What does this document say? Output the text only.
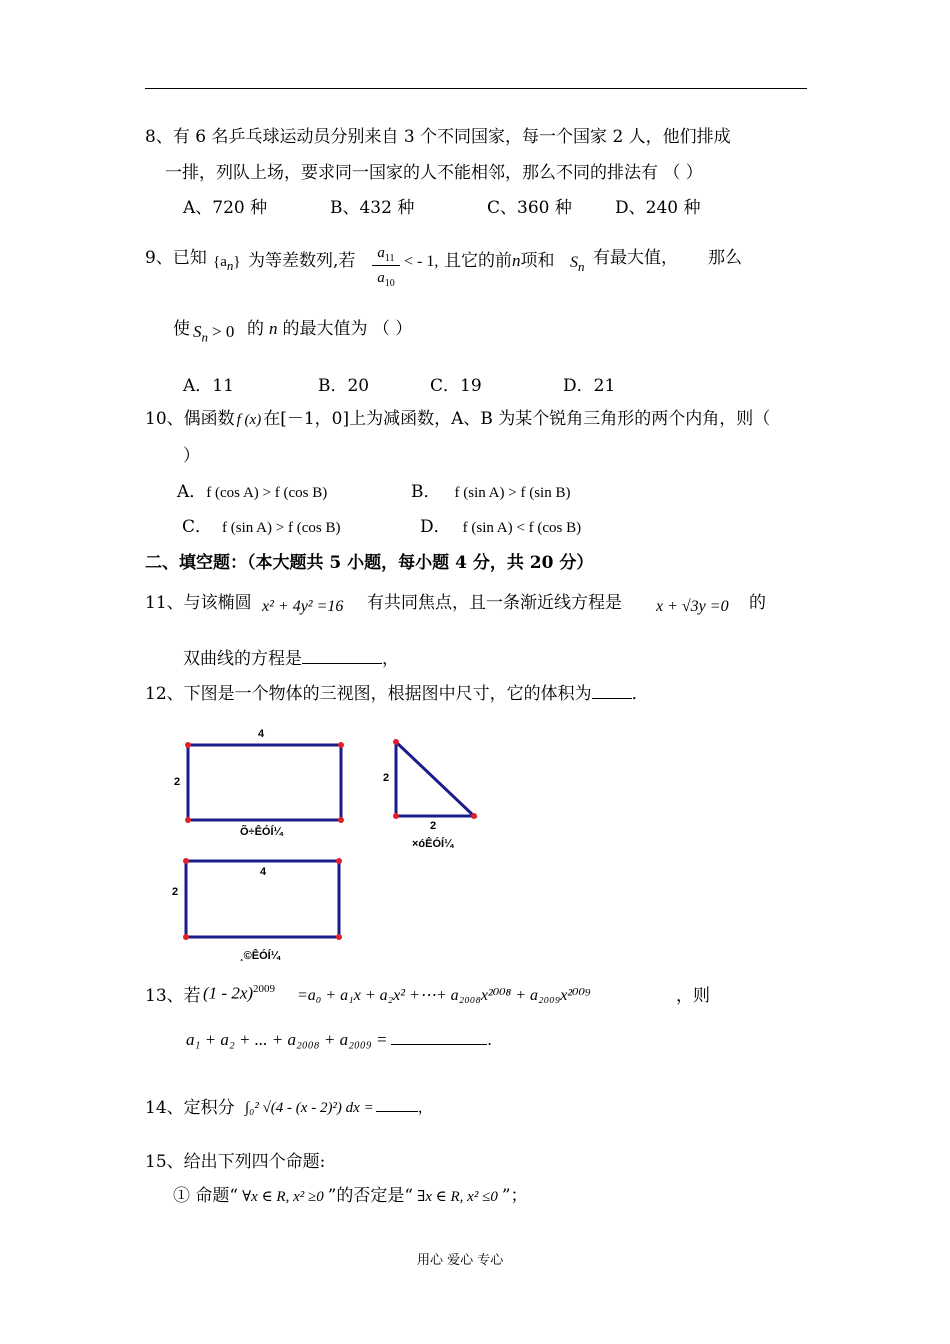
8、有 6 名乒乓球运动员分别来自 3 个不同国家，每一个国家 2 人，他们排成
一排，列队上场，要求同一国家的人不能相邻，那么不同的排法有 （ ）
A、720 种	B、432 种	C、360 种	D、240 种
9、已知 $\{a_n\}$ 为等差数列,若	$a_{11}$
$a_{10}$
< - 1, 且它的前n项和 $S_n$ 有最大值， 那么
使 $S_n > 0$ 的 n 的最大值为 （ ）
A．11	B．20	C．19	D．21
10、偶函数 f (x) 在[－1，0]上为减函数，A、B 为某个锐角三角形的两个内角，则（
）
A．f (cos A) > f (cos B)	B． f (sin A) > f (sin B)
C． f (sin A) > f (cos B)	D． f (sin A) < f (cos B)
二、填空题：（本大题共 5 小题，每小题 4 分，共 20 分）
11、与该椭圆 x² + 4y² =16 有共同焦点，且一条渐近线方程是 x + √3y =0 的
双曲线的方程是	，
12、下图是一个物体的三视图，根据图中尺寸，它的体积为 ．
4
2
Õ÷ÊÓÍ¼
2
2
×óÊÓÍ¼
4
2
¸©ÊÓÍ¼
13、若 (1 - 2x)$^{2009}$ =a₀ + a₁x + a₂x² +⋯+ a₂₀₀₈x²⁰⁰⁸ + a₂₀₀₉x²⁰⁰⁹	，则
a₁ + a₂ + ... + a₂₀₀₈ + a₂₀₀₉ =	.
14、定积分 ∫₀² √(4 - (x - 2)²) dx =	，
15、给出下列四个命题:
① 命题“ ∀x ∈ R, x² ≥0 ”的否定是“ ∃x ∈ R, x² ≤0 ”；
用心 爱心 专心
